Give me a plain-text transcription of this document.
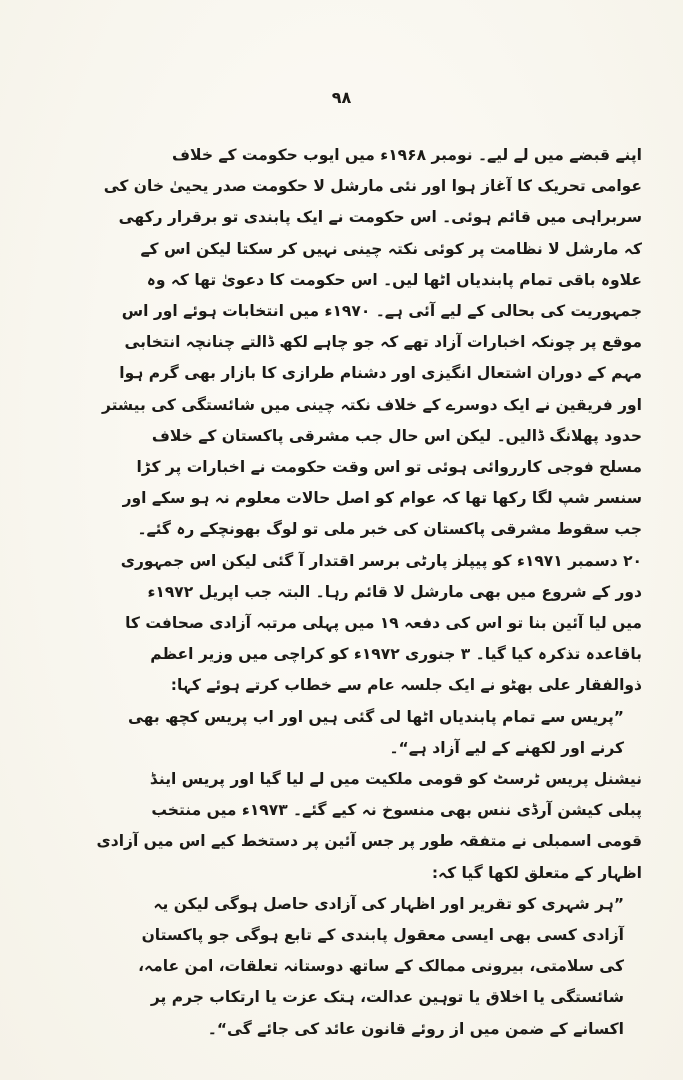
۹۸
اپنے قبضے میں لے لیے۔ نومبر ۱۹۶۸ء میں ایوب حکومت کے خلاف
عوامی تحریک کا آغاز ہوا اور نئی مارشل لا حکومت صدر یحییٰ خان کی
سربراہی میں قائم ہوئی۔ اس حکومت نے ایک پابندی تو برقرار رکھی
کہ مارشل لا نظامت پر کوئی نکتہ چینی نہیں کر سکتا لیکن اس کے
علاوہ باقی تمام پابندیاں اٹھا لیں۔ اس حکومت کا دعویٰ تھا کہ وہ
جمہوریت کی بحالی کے لیے آئی ہے۔ ۱۹۷۰ء میں انتخابات ہوئے اور اس
موقع پر چونکہ اخبارات آزاد تھے کہ جو چاہے لکھ ڈالتے چنانچہ انتخابی
مہم کے دوران اشتعال انگیزی اور دشنام طرازی کا بازار بھی گرم ہوا
اور فریقین نے ایک دوسرے کے خلاف نکتہ چینی میں شائستگی کی بیشتر
حدود پھلانگ ڈالیں۔ لیکن اس حال جب مشرقی پاکستان کے خلاف
مسلح فوجی کارروائی ہوئی تو اس وقت حکومت نے اخبارات پر کڑا
سنسر شپ لگا رکھا تھا کہ عوام کو اصل حالات معلوم نہ ہو سکے اور
جب سقوط مشرقی پاکستان کی خبر ملی تو لوگ بھونچکے رہ گئے۔
۲۰ دسمبر ۱۹۷۱ء کو پیپلز پارٹی برسر اقتدار آ گئی لیکن اس جمہوری
دور کے شروع میں بھی مارشل لا قائم رہا۔ البتہ جب اپریل ۱۹۷۲ء
میں لیا آئین بنا تو اس کی دفعہ ۱۹ میں پہلی مرتبہ آزادی صحافت کا
باقاعدہ تذکرہ کیا گیا۔ ۳ جنوری ۱۹۷۲ء کو کراچی میں وزیر اعظم
ذوالفقار علی بھٹو نے ایک جلسہ عام سے خطاب کرتے ہوئے کہا:
”پریس سے تمام پابندیاں اٹھا لی گئی ہیں اور اب پریس کچھ بھی
کرنے اور لکھنے کے لیے آزاد ہے“۔
نیشنل پریس ٹرسٹ کو قومی ملکیت میں لے لیا گیا اور پریس اینڈ
پبلی کیشن آرڈی ننس بھی منسوخ نہ کیے گئے۔ ۱۹۷۳ء میں منتخب
قومی اسمبلی نے متفقہ طور پر جس آئین پر دستخط کیے اس میں آزادی
اظہار کے متعلق لکھا گیا کہ:
”ہر شہری کو تقریر اور اظہار کی آزادی حاصل ہوگی لیکن یہ
آزادی کسی بھی ایسی معقول پابندی کے تابع ہوگی جو پاکستان
کی سلامتی، بیرونی ممالک کے ساتھ دوستانہ تعلقات، امن عامہ،
شائستگی یا اخلاق یا توہین عدالت، ہتک عزت یا ارتکاب جرم پر
اکسانے کے ضمن میں از روئے قانون عائد کی جائے گی“۔
